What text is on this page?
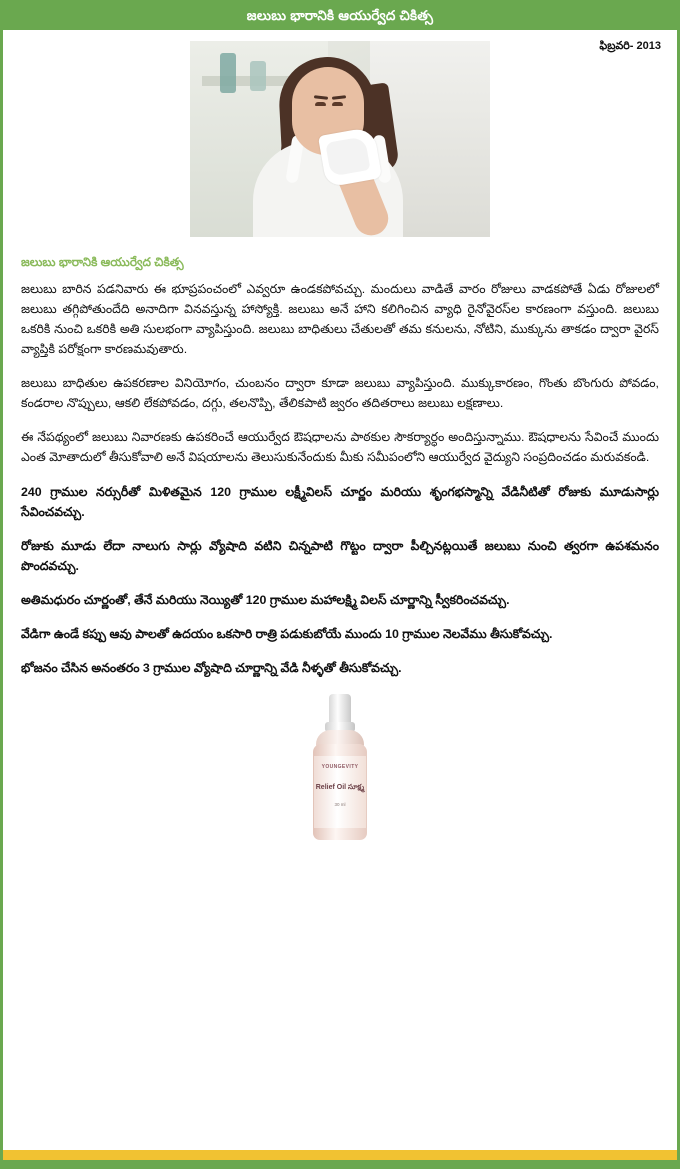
జలుబు భారానికి ఆయుర్వేద చికిత్స
ఫిబ్రవరి- 2013
జలుబు భారానికి ఆయుర్వేద చికిత్స

జలుబు బారిన పడనివారు ఈ భూప్రపంచంలో ఎవ్వరూ ఉండకపోవచ్చు. మందులు వాడితే వారం రోజులు వాడకపోతే ఏడు రోజులలో జలుబు తగ్గిపోతుందేది అనాదిగా వినవస్తున్న హాస్యోక్తి. జలుబు అనే హాని కలిగించిన వ్యాధి రైనోవైరస్‌ల కారణంగా వస్తుంది. జలుబు ఒకరికి నుంచి ఒకరికి అతి సులభంగా వ్యాపిస్తుంది. జలుబు బాధితులు చేతులతో తమ కనులను, నోటిని, ముక్కును తాకడం ద్వారా వైరస్ వ్యాప్తికి పరోక్షంగా కారణమవుతారు.

జలుబు బాధితుల ఉపకరణాల వినియోగం, చుంబనం ద్వారా కూడా జలుబు వ్యాపిస్తుంది. ముక్కుకారణం, గొంతు బొంగురు పోవడం, కండరాల నొప్పులు, ఆకలి లేకపోవడం, దగ్గు, తలనొప్పి, తేలికపాటి జ్వరం తదితరాలు జలుబు లక్షణాలు.

ఈ నేపథ్యంలో జలుబు నివారణకు ఉపకరించే ఆయుర్వేద ఔషధాలను పాఠకుల సౌకర్యార్ధం అందిస్తున్నాము. ఔషధాలను సేవించే ముందు ఎంత మోతాదులో తీసుకోవాలి అనే విషయాలను తెలుసుకునేందుకు మీకు సమీపంలోని ఆయుర్వేద వైద్యుని సంప్రదించడం మరువకండి.

240 గ్రాముల నర్సురీతో మిళితమైన 120 గ్రాముల లక్ష్మీవిలస్ చూర్ణం మరియు శృంగభస్మాన్ని వేడినీటితో రోజుకు మూడుసార్లు సేవించవచ్చు.

రోజుకు మూడు లేదా నాలుగు సార్లు వ్యోషాది వటిని చిన్నపాటి గొట్టం ద్వారా పీల్చినట్లయితే జలుబు నుంచి త్వరగా ఉపశమనం పొందవచ్చు.

అతిమధురం చూర్ణంతో, తేనే మరియు నెయ్యితో 120 గ్రాముల మహాలక్ష్మి విలస్ చూర్ణాన్ని స్వీకరించవచ్చు.

వేడిగా ఉండే కప్పు ఆవు పాలతో ఉదయం ఒకసారి రాత్రి పడుకుబోయే ముందు 10 గ్రాముల నెలవేము తీసుకోవచ్చు.

భోజనం చేసిన అనంతరం 3 గ్రాముల వ్యోషాది చూర్ణాన్ని వేడి నీళ్ళతో తీసుకోవచ్చు.

YOUNGEVITY
Relief Oil సూక్ష్మ
30 ml
